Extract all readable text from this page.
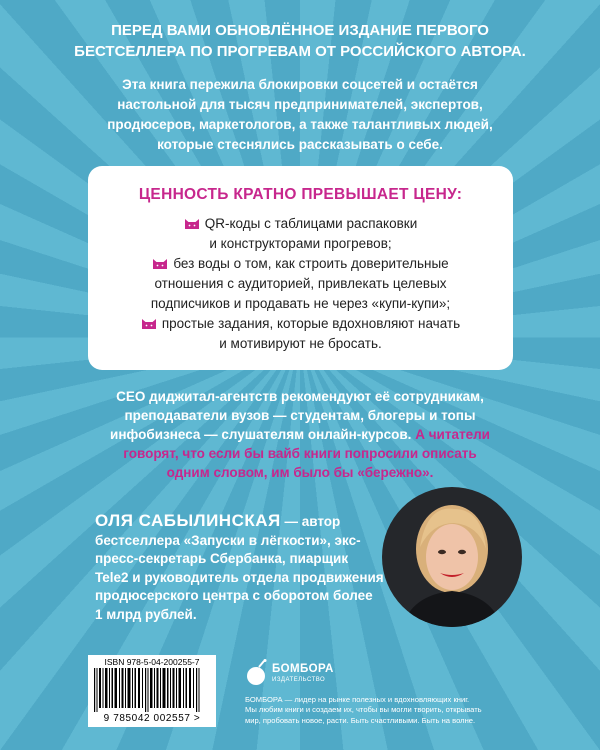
ПЕРЕД ВАМИ ОБНОВЛЁННОЕ ИЗДАНИЕ ПЕРВОГО
БЕСТСЕЛЛЕРА ПО ПРОГРЕВАМ ОТ РОССИЙСКОГО АВТОРА.
Эта книга пережила блокировки соцсетей и остаётся
настольной для тысяч предпринимателей, экспертов,
продюсеров, маркетологов, а также талантливых людей,
которые стеснялись рассказывать о себе.
ЦЕННОСТЬ КРАТНО ПРЕВЫШАЕТ ЦЕНУ:
QR-коды с таблицами распаковки
и конструкторами прогревов;
без воды о том, как строить доверительные
отношения с аудиторией, привлекать целевых
подписчиков и продавать не через «купи-купи»;
простые задания, которые вдохновляют начать
и мотивируют не бросать.
CEO диджитал-агентств рекомендуют её сотрудникам,
преподаватели вузов — студентам, блогеры и топы
инфобизнеса — слушателям онлайн-курсов. А читатели
говорят, что если бы вайб книги попросили описать
одним словом, им было бы «бережно».
ОЛЯ САБЫЛИНСКАЯ — автор
бестселлера «Запуски в лёгкости», экс-
пресс-секретарь Сбербанка, пиарщик
Tele2 и руководитель отдела продвижения
продюсерского центра с оборотом более
1 млрд рублей.
ISBN 978-5-04-200255-7
9 785042 002557 >
БОМБОРА
ИЗДАТЕЛЬСТВО
БОМБОРА — лидер на рынке полезных и вдохновляющих книг.
Мы любим книги и создаем их, чтобы вы могли творить, открывать
мир, пробовать новое, расти. Быть счастливыми. Быть на волне.
